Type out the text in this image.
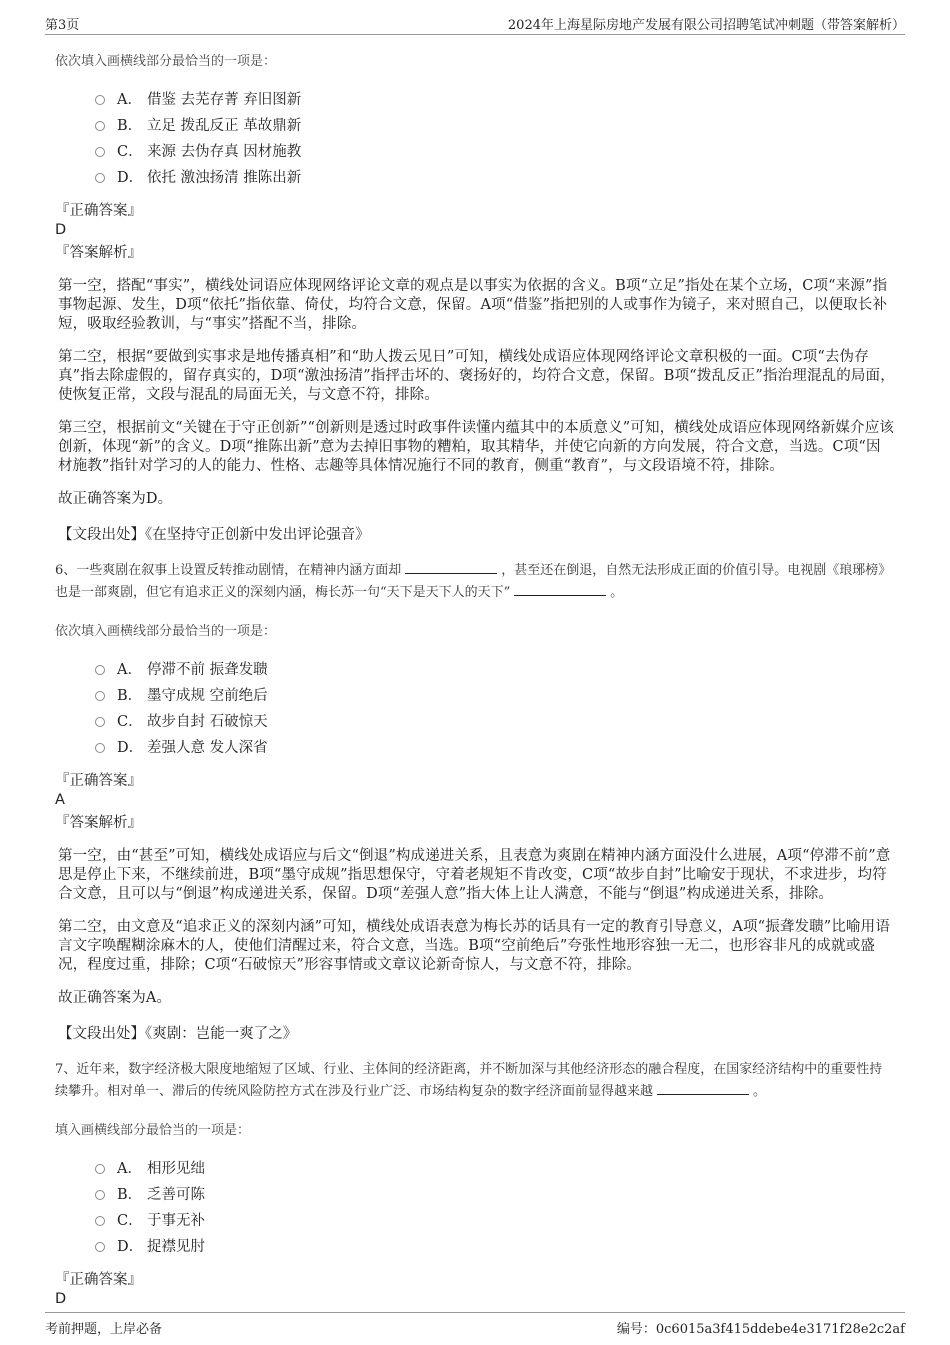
第3页	2024年上海星际房地产发展有限公司招聘笔试冲刺题（带答案解析）
依次填入画横线部分最恰当的一项是：
A． 借鉴 去芜存菁 弃旧图新
B． 立足 拨乱反正 革故鼎新
C． 来源 去伪存真 因材施教
D． 依托 激浊扬清 推陈出新
『正确答案』
D
『答案解析』
第一空，搭配“事实”，横线处词语应体现网络评论文章的观点是以事实为依据的含义。B项“立足”指处在某个立场，C项“来源”指事物起源、发生，D项“依托”指依靠、倚仗，均符合文意，保留。A项“借鉴”指把别的人或事作为镜子，来对照自己，以便取长补短，吸取经验教训，与“事实”搭配不当，排除。
第二空，根据“要做到实事求是地传播真相”和“助人拨云见日”可知，横线处成语应体现网络评论文章积极的一面。C项“去伪存真”指去除虚假的，留存真实的，D项“激浊扬清”指抨击坏的、褒扬好的，均符合文意，保留。B项“拨乱反正”指治理混乱的局面，使恢复正常，文段与混乱的局面无关，与文意不符，排除。
第三空，根据前文“关键在于守正创新”“创新则是透过时政事件读懂内蕴其中的本质意义”可知，横线处成语应体现网络新媒介应该创新，体现“新”的含义。D项“推陈出新”意为去掉旧事物的糟粕，取其精华，并使它向新的方向发展，符合文意，当选。C项“因材施教”指针对学习的人的能力、性格、志趣等具体情况施行不同的教育，侧重“教育”，与文段语境不符，排除。
故正确答案为D。
【文段出处】《在坚持守正创新中发出评论强音》
6、一些爽剧在叙事上设置反转推动剧情，在精神内涵方面却	，甚至还在倒退，自然无法形成正面的价值引导。电视剧《琅琊榜》也是一部爽剧，但它有追求正义的深刻内涵，梅长苏一句“天下是天下人的天下”	。
依次填入画横线部分最恰当的一项是：
A． 停滞不前 振聋发聩
B． 墨守成规 空前绝后
C． 故步自封 石破惊天
D． 差强人意 发人深省
『正确答案』
A
『答案解析』
第一空，由“甚至”可知，横线处成语应与后文“倒退”构成递进关系，且表意为爽剧在精神内涵方面没什么进展，A项“停滞不前”意思是停止下来，不继续前进，B项“墨守成规”指思想保守，守着老规矩不肯改变，C项“故步自封”比喻安于现状，不求进步，均符合文意，且可以与“倒退”构成递进关系，保留。D项“差强人意”指大体上让人满意，不能与“倒退”构成递进关系，排除。
第二空，由文意及“追求正义的深刻内涵”可知，横线处成语表意为梅长苏的话具有一定的教育引导意义，A项“振聋发聩”比喻用语言文字唤醒糊涂麻木的人，使他们清醒过来，符合文意，当选。B项“空前绝后”夸张性地形容独一无二，也形容非凡的成就或盛况，程度过重，排除；C项“石破惊天”形容事情或文章议论新奇惊人，与文意不符，排除。
故正确答案为A。
【文段出处】《爽剧：岂能一爽了之》
7、近年来，数字经济极大限度地缩短了区域、行业、主体间的经济距离，并不断加深与其他经济形态的融合程度，在国家经济结构中的重要性持续攀升。相对单一、滞后的传统风险防控方式在涉及行业广泛、市场结构复杂的数字经济面前显得越来越	。
填入画横线部分最恰当的一项是：
A． 相形见绌
B． 乏善可陈
C． 于事无补
D． 捉襟见肘
『正确答案』
D
考前押题，上岸必备	编号：0c6015a3f415ddebe4e3171f28e2c2af
